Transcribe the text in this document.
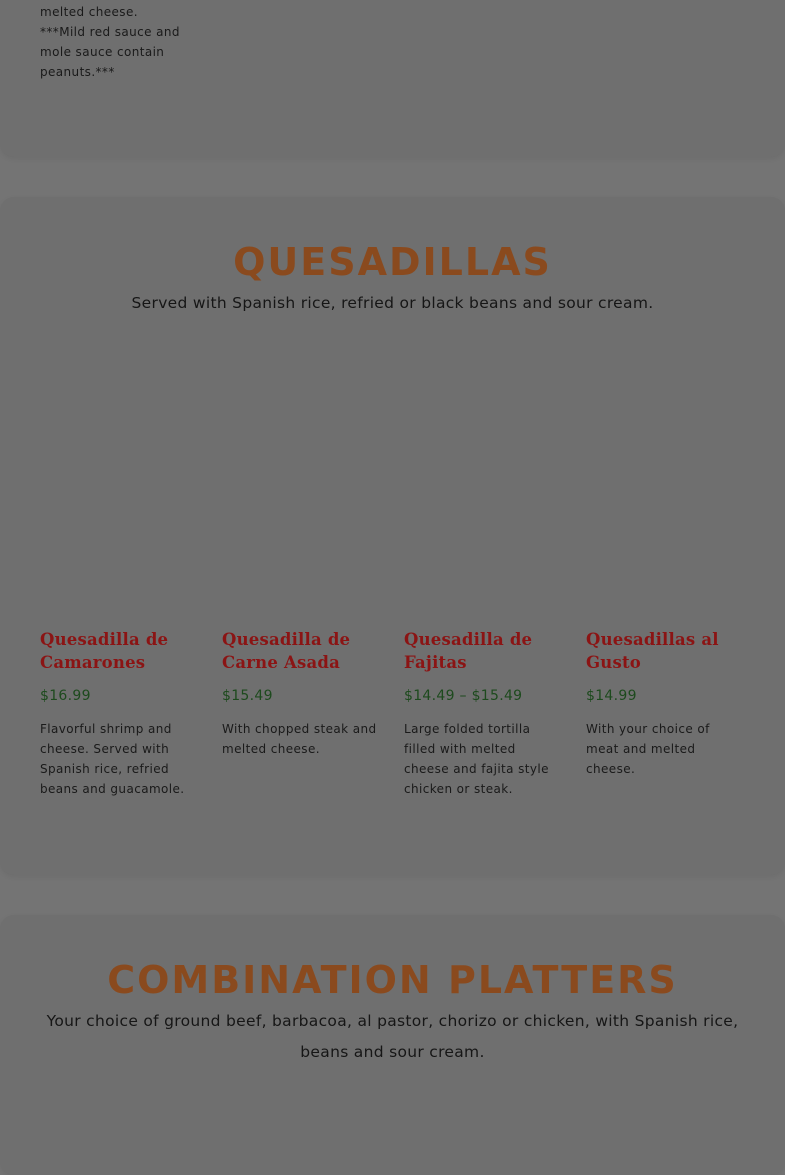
melted cheese.
***Mild red sauce and mole sauce contain peanuts.***
QUESADILLAS
Served with Spanish rice, refried or black beans and sour cream.
Quesadilla de Camarones
$16.99
Flavorful shrimp and cheese. Served with Spanish rice, refried beans and guacamole.
Quesadilla de Carne Asada
$15.49
With chopped steak and melted cheese.
Quesadilla de Fajitas
$14.49 – $15.49
Large folded tortilla filled with melted cheese and fajita style chicken or steak.
Quesadillas al Gusto
$14.99
With your choice of meat and melted cheese.
COMBINATION PLATTERS
Your choice of ground beef, barbacoa, al pastor, chorizo or chicken, with Spanish rice, beans and sour cream.
